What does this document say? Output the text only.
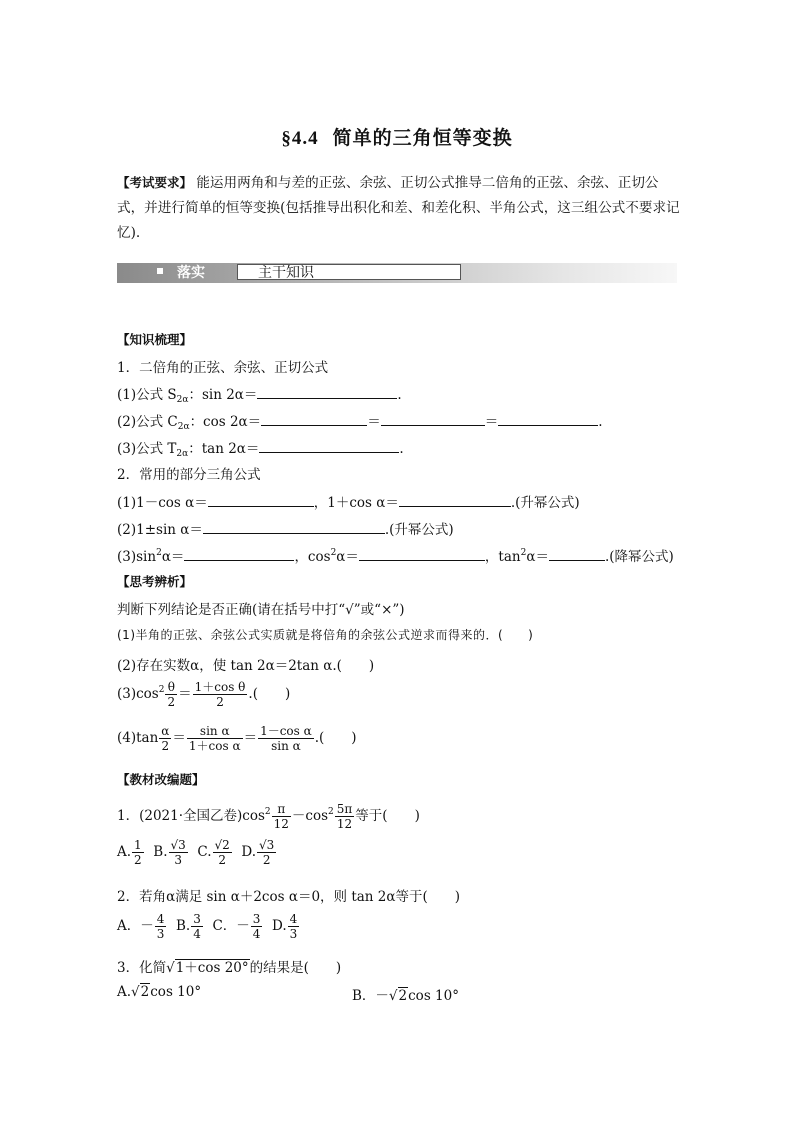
§4.4 简单的三角恒等变换
【考试要求】 能运用两角和与差的正弦、余弦、正切公式推导二倍角的正弦、余弦、正切公式，并进行简单的恒等变换(包括推导出积化和差、和差化积、半角公式，这三组公式不要求记忆).
落实	主干知识
【知识梳理】
1．二倍角的正弦、余弦、正切公式
(1)公式 $S_{2\alpha}$：sin 2α＝	.
(2)公式 $C_{2\alpha}$：cos 2α＝	＝	＝	.
(3)公式 $T_{2\alpha}$：tan 2α＝	.
2．常用的部分三角公式
(1)1－cos α＝	，1＋cos α＝	.(升幂公式)
(2)1±sin α＝	.(升幂公式)
$(3)\sin^2\alpha=$	，$\cos^2\alpha=$	，$\tan^2\alpha=$	.(降幂公式)
【思考辨析】
判断下列结论是否正确(请在括号中打“√”或“×”)
(1)半角的正弦、余弦公式实质就是将倍角的余弦公式逆求而得来的．(　　)
(2)存在实数α，使 tan 2α＝2tan α.(　　)
$(3)\cos^2 \frac{\theta}{2} = \frac{\text{1＋cos θ}}{2}$ .(　　)
$(4)\tan \frac{\alpha}{2} = \frac{\text{sin α}}{\text{1＋cos α}} = \frac{\text{1－cos α}}{\text{sin α}}$ .(　　)
【教材改编题】
1．(2021·全国乙卷)$\cos^2 \frac{\pi}{12} -\cos^2 \frac{5\pi}{12}$ 等于(　　)
A. $\frac{1}{2} B$. $\frac{√3}{3} C$. $\frac{√2}{2} D$. $\frac{√3}{2}$
2．若角α满足 sin α＋2cos α＝0，则 tan 2α等于(　　)
A．－ $\frac{4}{3} B$. $\frac{3}{4}$ C．－ $\frac{3}{4} D$. $\frac{4}{3}$
3．化简√1＋cos 20°的结果是(　　)
A.√2cos 10°	B．－√2cos 10°
